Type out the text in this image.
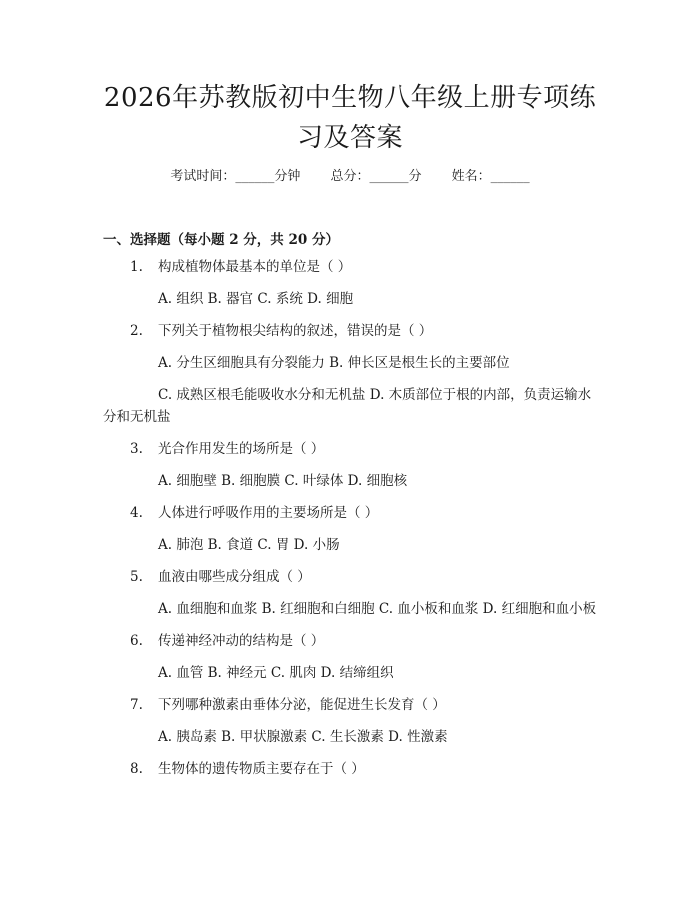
2026年苏教版初中生物八年级上册专项练习及答案
考试时间：______分钟 总分：______分 姓名：______
一、选择题（每小题 2 分，共 20 分）
1. 构成植物体最基本的单位是（ ）
A. 组织 B. 器官 C. 系统 D. 细胞
2. 下列关于植物根尖结构的叙述，错误的是（ ）
A. 分生区细胞具有分裂能力 B. 伸长区是根生长的主要部位
C. 成熟区根毛能吸收水分和无机盐 D. 木质部位于根的内部，负责运输水分和无机盐
3. 光合作用发生的场所是（ ）
A. 细胞壁 B. 细胞膜 C. 叶绿体 D. 细胞核
4. 人体进行呼吸作用的主要场所是（ ）
A. 肺泡 B. 食道 C. 胃 D. 小肠
5. 血液由哪些成分组成（ ）
A. 血细胞和血浆 B. 红细胞和白细胞 C. 血小板和血浆 D. 红细胞和血小板
6. 传递神经冲动的结构是（ ）
A. 血管 B. 神经元 C. 肌肉 D. 结缔组织
7. 下列哪种激素由垂体分泌，能促进生长发育（ ）
A. 胰岛素 B. 甲状腺激素 C. 生长激素 D. 性激素
8. 生物体的遗传物质主要存在于（ ）
